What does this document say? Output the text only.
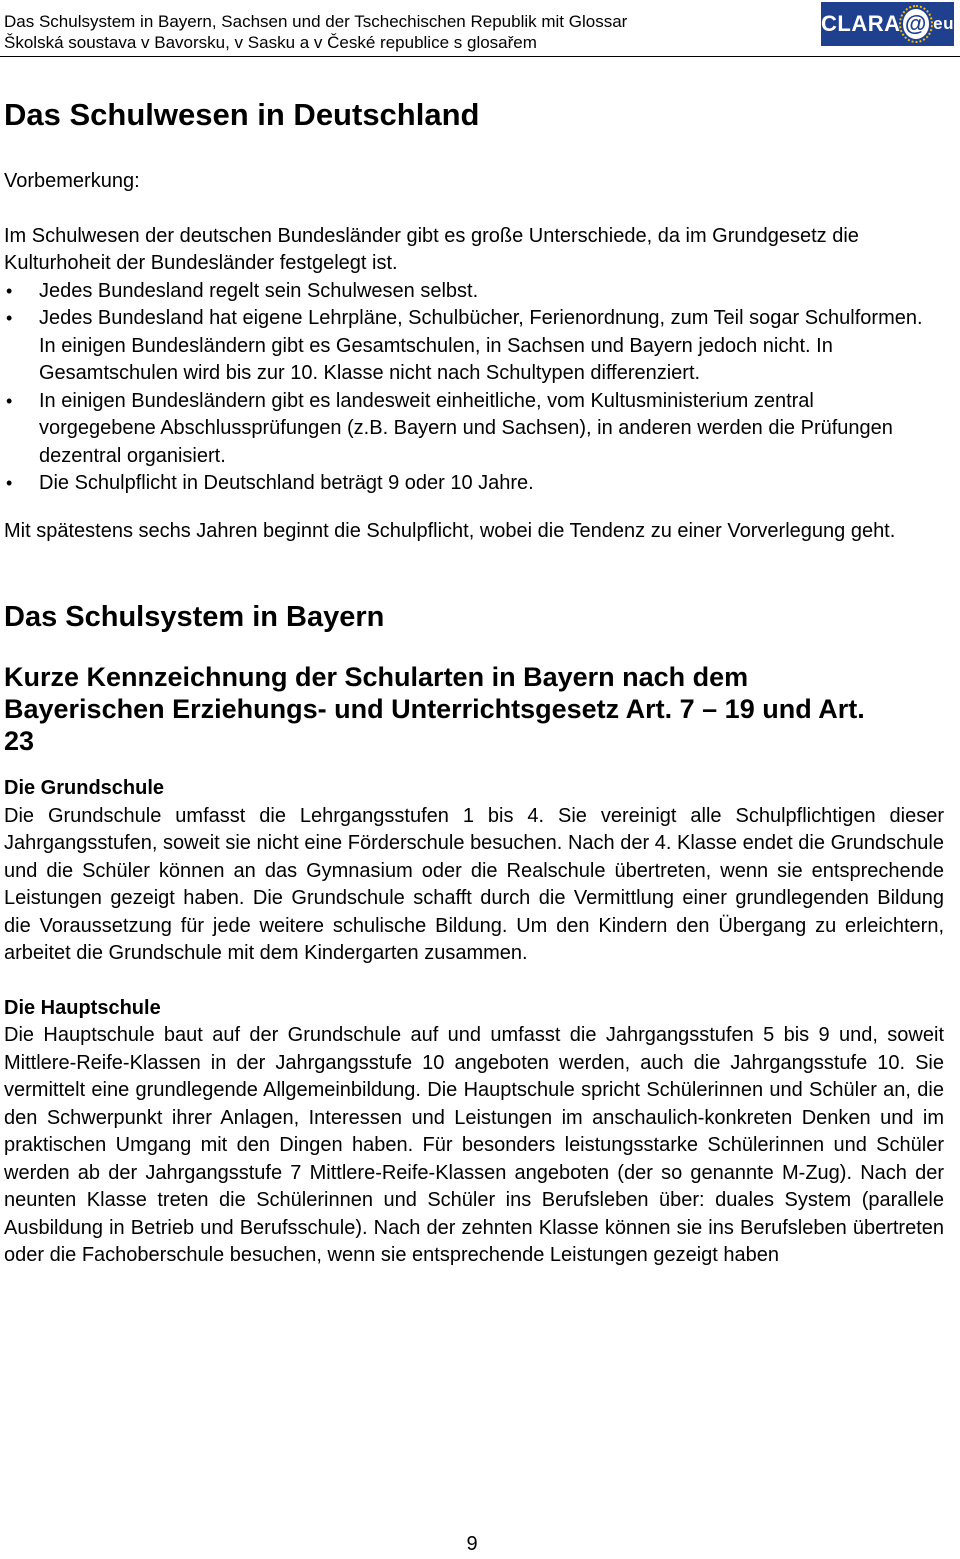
Das Schulsystem in Bayern, Sachsen und der Tschechischen Republik mit Glossar
Školská soustava v Bavorsku, v Sasku a v České republice s glosařem
CLARA @ eu
Das Schulwesen in Deutschland

Vorbemerkung:

Im Schulwesen der deutschen Bundesländer gibt es große Unterschiede, da im Grundgesetz die Kulturhoheit der Bundesländer festgelegt ist.

• Jedes Bundesland regelt sein Schulwesen selbst.
• Jedes Bundesland hat eigene Lehrpläne, Schulbücher, Ferienordnung, zum Teil sogar Schulformen. In einigen Bundesländern gibt es Gesamtschulen, in Sachsen und Bayern jedoch nicht. In Gesamtschulen wird bis zur 10. Klasse nicht nach Schultypen differenziert.
• In einigen Bundesländern gibt es landesweit einheitliche, vom Kultusministerium zentral vorgegebene Abschlussprüfungen (z.B. Bayern und Sachsen), in anderen werden die Prüfungen dezentral organisiert.
• Die Schulpflicht in Deutschland beträgt 9 oder 10 Jahre.

Mit spätestens sechs Jahren beginnt die Schulpflicht, wobei die Tendenz zu einer Vorverlegung geht.

Das Schulsystem in Bayern
Kurze Kennzeichnung der Schularten in Bayern nach dem Bayerischen Erziehungs- und Unterrichtsgesetz Art. 7 – 19 und Art. 23
Die Grundschule

Die Grundschule umfasst die Lehrgangsstufen 1 bis 4. Sie vereinigt alle Schulpflichtigen dieser Jahrgangsstufen, soweit sie nicht eine Förderschule besuchen. Nach der 4. Klasse endet die Grundschule und die Schüler können an das Gymnasium oder die Realschule übertreten, wenn sie entsprechende Leistungen gezeigt haben. Die Grundschule schafft durch die Vermittlung einer grundlegenden Bildung die Voraussetzung für jede weitere schulische Bildung. Um den Kindern den Übergang zu erleichtern, arbeitet die Grundschule mit dem Kindergarten zusammen.

Die Hauptschule

Die Hauptschule baut auf der Grundschule auf und umfasst die Jahrgangsstufen 5 bis 9 und, soweit Mittlere-Reife-Klassen in der Jahrgangsstufe 10 angeboten werden, auch die Jahrgangsstufe 10. Sie vermittelt eine grundlegende Allgemeinbildung. Die Hauptschule spricht Schülerinnen und Schüler an, die den Schwerpunkt ihrer Anlagen, Interessen und Leistungen im anschaulich-konkreten Denken und im praktischen Umgang mit den Dingen haben. Für besonders leistungsstarke Schülerinnen und Schüler werden ab der Jahrgangsstufe 7 Mittlere-Reife-Klassen angeboten (der so genannte M-Zug). Nach der neunten Klasse treten die Schülerinnen und Schüler ins Berufsleben über: duales System (parallele Ausbildung in Betrieb und Berufsschule). Nach der zehnten Klasse können sie ins Berufsleben übertreten oder die Fachoberschule besuchen, wenn sie entsprechende Leistungen gezeigt haben

9
